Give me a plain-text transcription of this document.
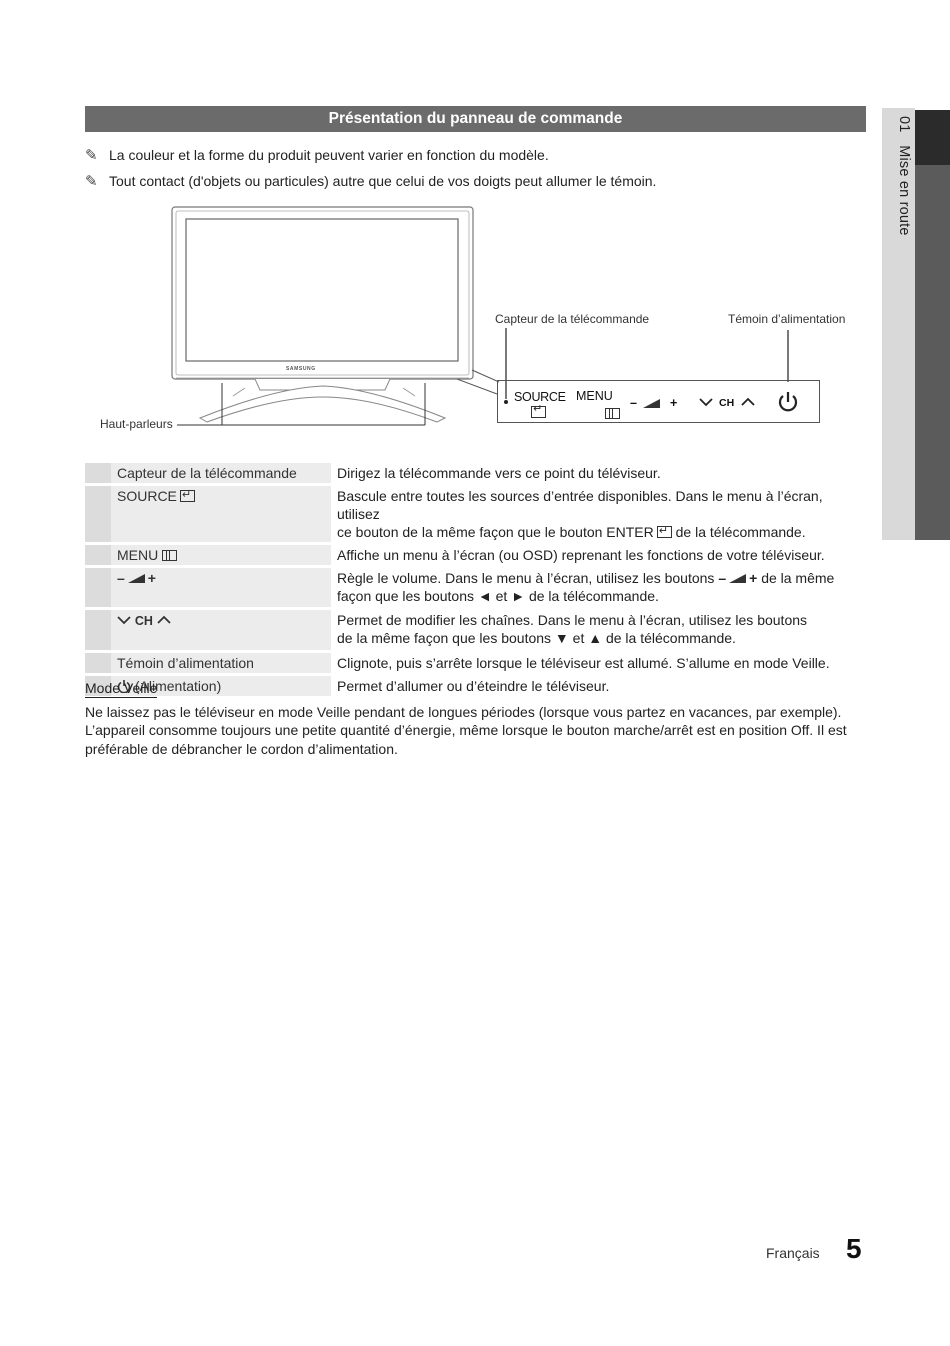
Présentation du panneau de commande
✎ La couleur et la forme du produit peuvent varier en fonction du modèle.
✎ Tout contact (d'objets ou particules) autre que celui de vos doigts peut allumer le témoin.
01   Mise en route
SAMSUNG
Capteur de la télécommande	Témoin d’alimentation
Haut-parleurs
SOURCE
↵ MENU –	+	CH
	Capteur de la télécommande	Dirigez la télécommande vers ce point du téléviseur.

	SOURCE↵	Bascule entre toutes les sources d’entrée disponibles. Dans le menu à l’écran, utilisez
ce bouton de la même façon que le bouton ENTER ↵ de la télécommande.
	MENU	Affiche un menu à l’écran (ou OSD) reprenant les fonctions de votre téléviseur.

	– +	Règle le volume. Dans le menu à l’écran, utilisez les boutons – + de la même
façon que les boutons ◄ et ► de la télécommande.

	CH	Permet de modifier les chaînes. Dans le menu à l’écran, utilisez les boutons
de la même façon que les boutons ▼ et ▲ de la télécommande.

	Témoin d’alimentation	Clignote, puis s’arrête lorsque le téléviseur est allumé. S’allume en mode Veille.

	(Alimentation)	Permet d’allumer ou d’éteindre le téléviseur.
Mode Veille
Ne laissez pas le téléviseur en mode Veille pendant de longues périodes (lorsque vous partez en vacances, par exemple). L’appareil consomme toujours une petite quantité d’énergie, même lorsque le bouton marche/arrêt est en position Off. Il est préférable de débrancher le cordon d’alimentation.
Français 5
